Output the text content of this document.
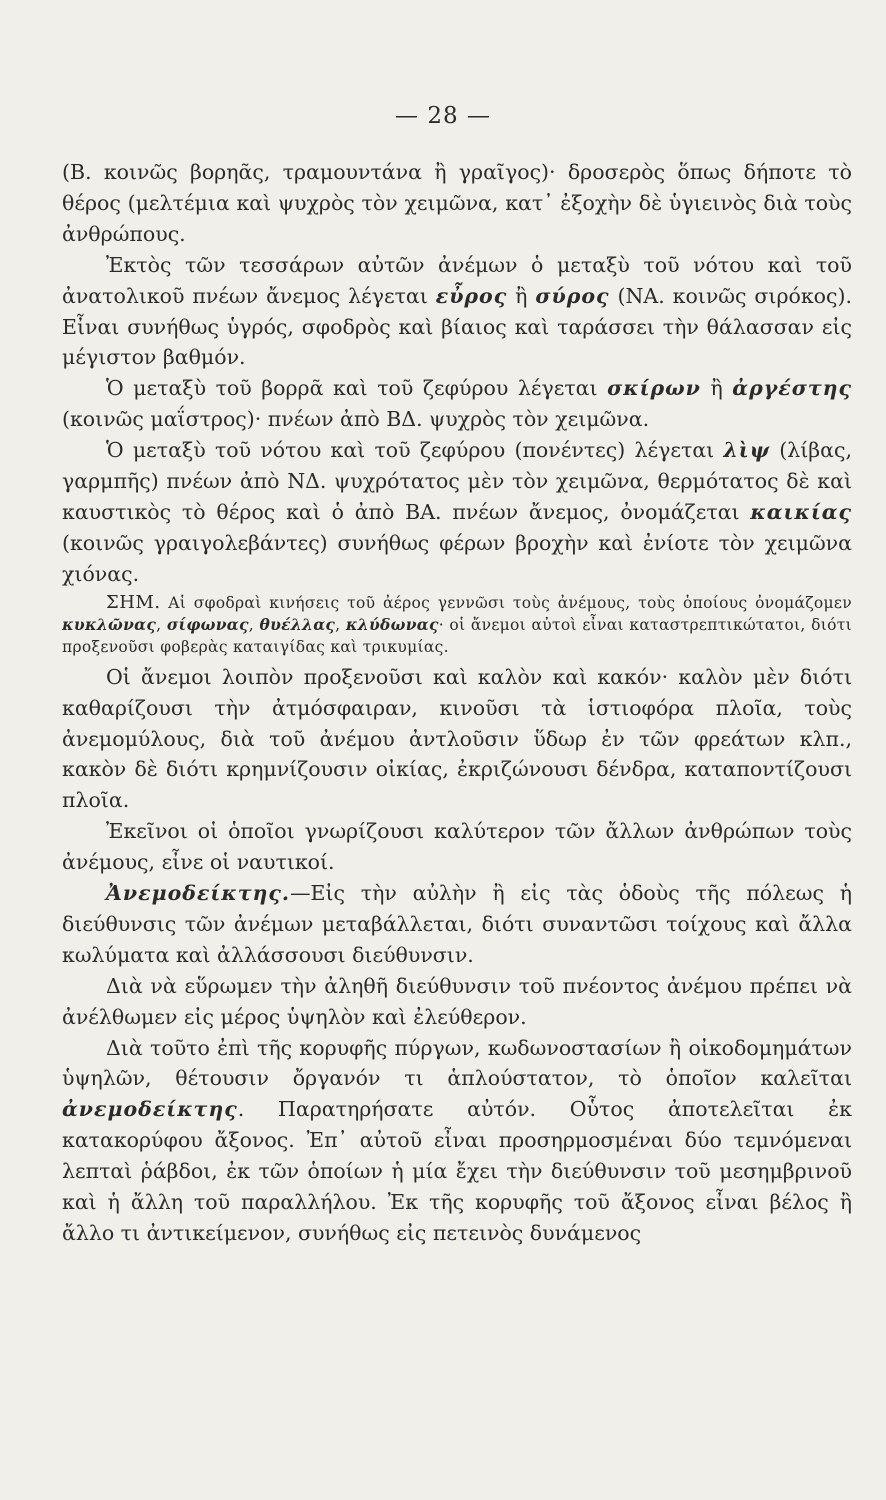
— 28 —

(Β. κοινῶς βορηᾶς, τραμουντάνα ἢ γραῖγος)· δροσερὸς ὅπως δήποτε τὸ θέρος (μελτέμια καὶ ψυχρὸς τὸν χειμῶνα, κατ᾽ ἐξοχὴν δὲ ὑγιεινὸς διὰ τοὺς ἀνθρώπους.

Ἐκτὸς τῶν τεσσάρων αὐτῶν ἀνέμων ὁ μεταξὺ τοῦ νότου καὶ τοῦ ἀνατολικοῦ πνέων ἄνεμος λέγεται εὖρος ἢ σύρος (ΝΑ. κοινῶς σιρόκος). Εἶναι συνήθως ὑγρός, σφοδρὸς καὶ βίαιος καὶ ταράσσει τὴν θάλασσαν εἰς μέγιστον βαθμόν.

Ὁ μεταξὺ τοῦ βορρᾶ καὶ τοῦ ζεφύρου λέγεται σκίρων ἢ ἀργέστης (κοινῶς μαΐστρος)· πνέων ἀπὸ ΒΔ. ψυχρὸς τὸν χειμῶνα.

Ὁ μεταξὺ τοῦ νότου καὶ τοῦ ζεφύρου (πονέντες) λέγεται λὶψ (λίβας, γαρμπῆς) πνέων ἀπὸ ΝΔ. ψυχρότατος μὲν τὸν χειμῶνα, θερμότατος δὲ καὶ καυστικὸς τὸ θέρος καὶ ὁ ἀπὸ ΒΑ. πνέων ἄνεμος, ὀνομάζεται καικίας (κοινῶς γραιγολεβάντες) συνήθως φέρων βροχὴν καὶ ἐνίοτε τὸν χειμῶνα χιόνας.

ΣΗΜ. Αἱ σφοδραὶ κινήσεις τοῦ ἀέρος γεννῶσι τοὺς ἀνέμους, τοὺς ὁποίους ὀνομάζομεν κυκλῶνας, σίφωνας, θυέλλας, κλύδωνας· οἱ ἄνεμοι αὐτοὶ εἶναι καταστρεπτικώτατοι, διότι προξενοῦσι φοβερὰς καταιγίδας καὶ τρικυμίας.

Οἱ ἄνεμοι λοιπὸν προξενοῦσι καὶ καλὸν καὶ κακόν· καλὸν μὲν διότι καθαρίζουσι τὴν ἀτμόσφαιραν, κινοῦσι τὰ ἱστιοφόρα πλοῖα, τοὺς ἀνεμομύλους, διὰ τοῦ ἀνέμου ἀντλοῦσιν ὕδωρ ἐν τῶν φρεάτων κλπ., κακὸν δὲ διότι κρημνίζουσιν οἰκίας, ἐκριζώνουσι δένδρα, καταποντίζουσι πλοῖα.

Ἐκεῖνοι οἱ ὁποῖοι γνωρίζουσι καλύτερον τῶν ἄλλων ἀνθρώπων τοὺς ἀνέμους, εἶνε οἱ ναυτικοί.

Ἀνεμοδείκτης.—Εἰς τὴν αὐλὴν ἢ εἰς τὰς ὁδοὺς τῆς πόλεως ἡ διεύθυνσις τῶν ἀνέμων μεταβάλλεται, διότι συναντῶσι τοίχους καὶ ἄλλα κωλύματα καὶ ἀλλάσσουσι διεύθυνσιν.

Διὰ νὰ εὕρωμεν τὴν ἀληθῆ διεύθυνσιν τοῦ πνέοντος ἀνέμου πρέπει νὰ ἀνέλθωμεν εἰς μέρος ὑψηλὸν καὶ ἐλεύθερον.

Διὰ τοῦτο ἐπὶ τῆς κορυφῆς πύργων, κωδωνοστασίων ἢ οἰκοδομημάτων ὑψηλῶν, θέτουσιν ὄργανόν τι ἁπλούστατον, τὸ ὁποῖον καλεῖται ἀνεμοδείκτης. Παρατηρήσατε αὐτόν. Οὗτος ἀποτελεῖται ἐκ κατακορύφου ἄξονος. Ἐπ᾽ αὐτοῦ εἶναι προσηρμοσμέναι δύο τεμνόμεναι λεπταὶ ῥάβδοι, ἐκ τῶν ὁποίων ἡ μία ἔχει τὴν διεύθυνσιν τοῦ μεσημβρινοῦ καὶ ἡ ἄλλη τοῦ παραλλήλου. Ἐκ τῆς κορυφῆς τοῦ ἄξονος εἶναι βέλος ἢ ἄλλο τι ἀντικείμενον, συνήθως εἰς πετεινὸς δυνάμενος
